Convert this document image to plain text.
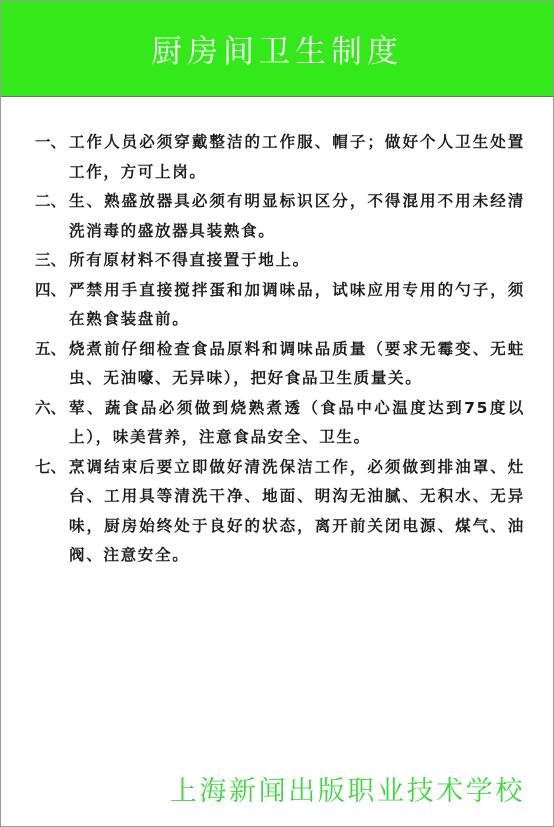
厨房间卫生制度
一、 工作人员必须穿戴整洁的工作服、帽子；做好个人卫生处置工作，方可上岗。
二、 生、熟盛放器具必须有明显标识区分，不得混用不用未经清洗消毒的盛放器具装熟食。
三、 所有原材料不得直接置于地上。
四、 严禁用手直接搅拌蛋和加调味品，试味应用专用的勺子，须在熟食装盘前。
五、 烧煮前仔细检查食品原料和调味品质量（要求无霉变、无蛀虫、无油嚎、无异味），把好食品卫生质量关。
六、 荤、蔬食品必须做到烧熟煮透（食品中心温度达到75度以上），味美营养，注意食品安全、卫生。
七、 烹调结束后要立即做好清洗保洁工作，必须做到排油罩、灶台、工用具等清洗干净、地面、明沟无油腻、无积水、无异味，厨房始终处于良好的状态，离开前关闭电源、煤气、油阀、注意安全。
上海新闻出版职业技术学校
